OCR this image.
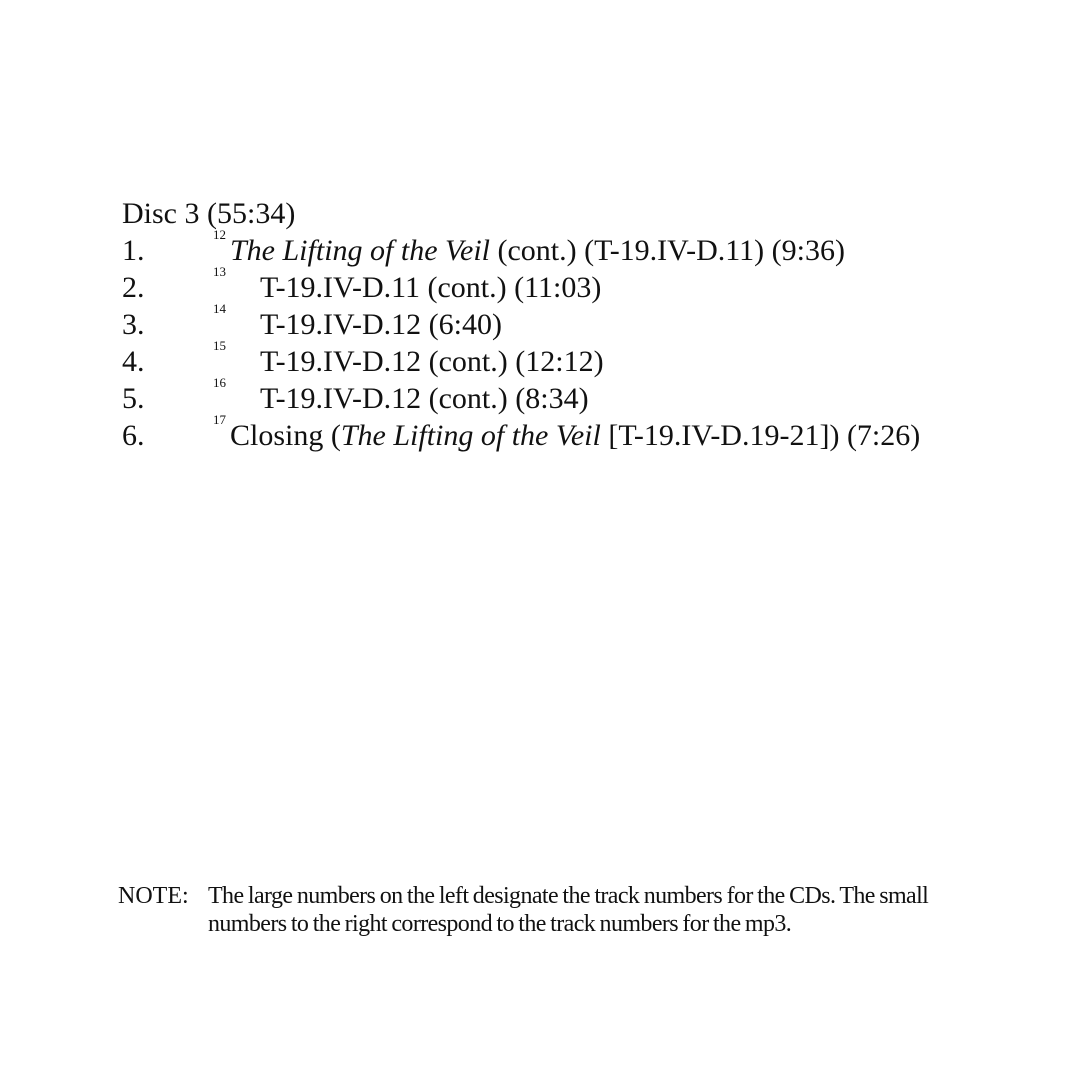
Disc 3 (55:34)
1.	12 The Lifting of the Veil (cont.) (T-19.IV-D.11) (9:36)
2.	13 T-19.IV-D.11 (cont.) (11:03)
3.	14 T-19.IV-D.12 (6:40)
4.	15 T-19.IV-D.12 (cont.) (12:12)
5.	16 T-19.IV-D.12 (cont.) (8:34)
6.	17 Closing (The Lifting of the Veil [T-19.IV-D.19-21]) (7:26)
NOTE: The large numbers on the left designate the track numbers for the CDs. The small numbers to the right correspond to the track numbers for the mp3.
